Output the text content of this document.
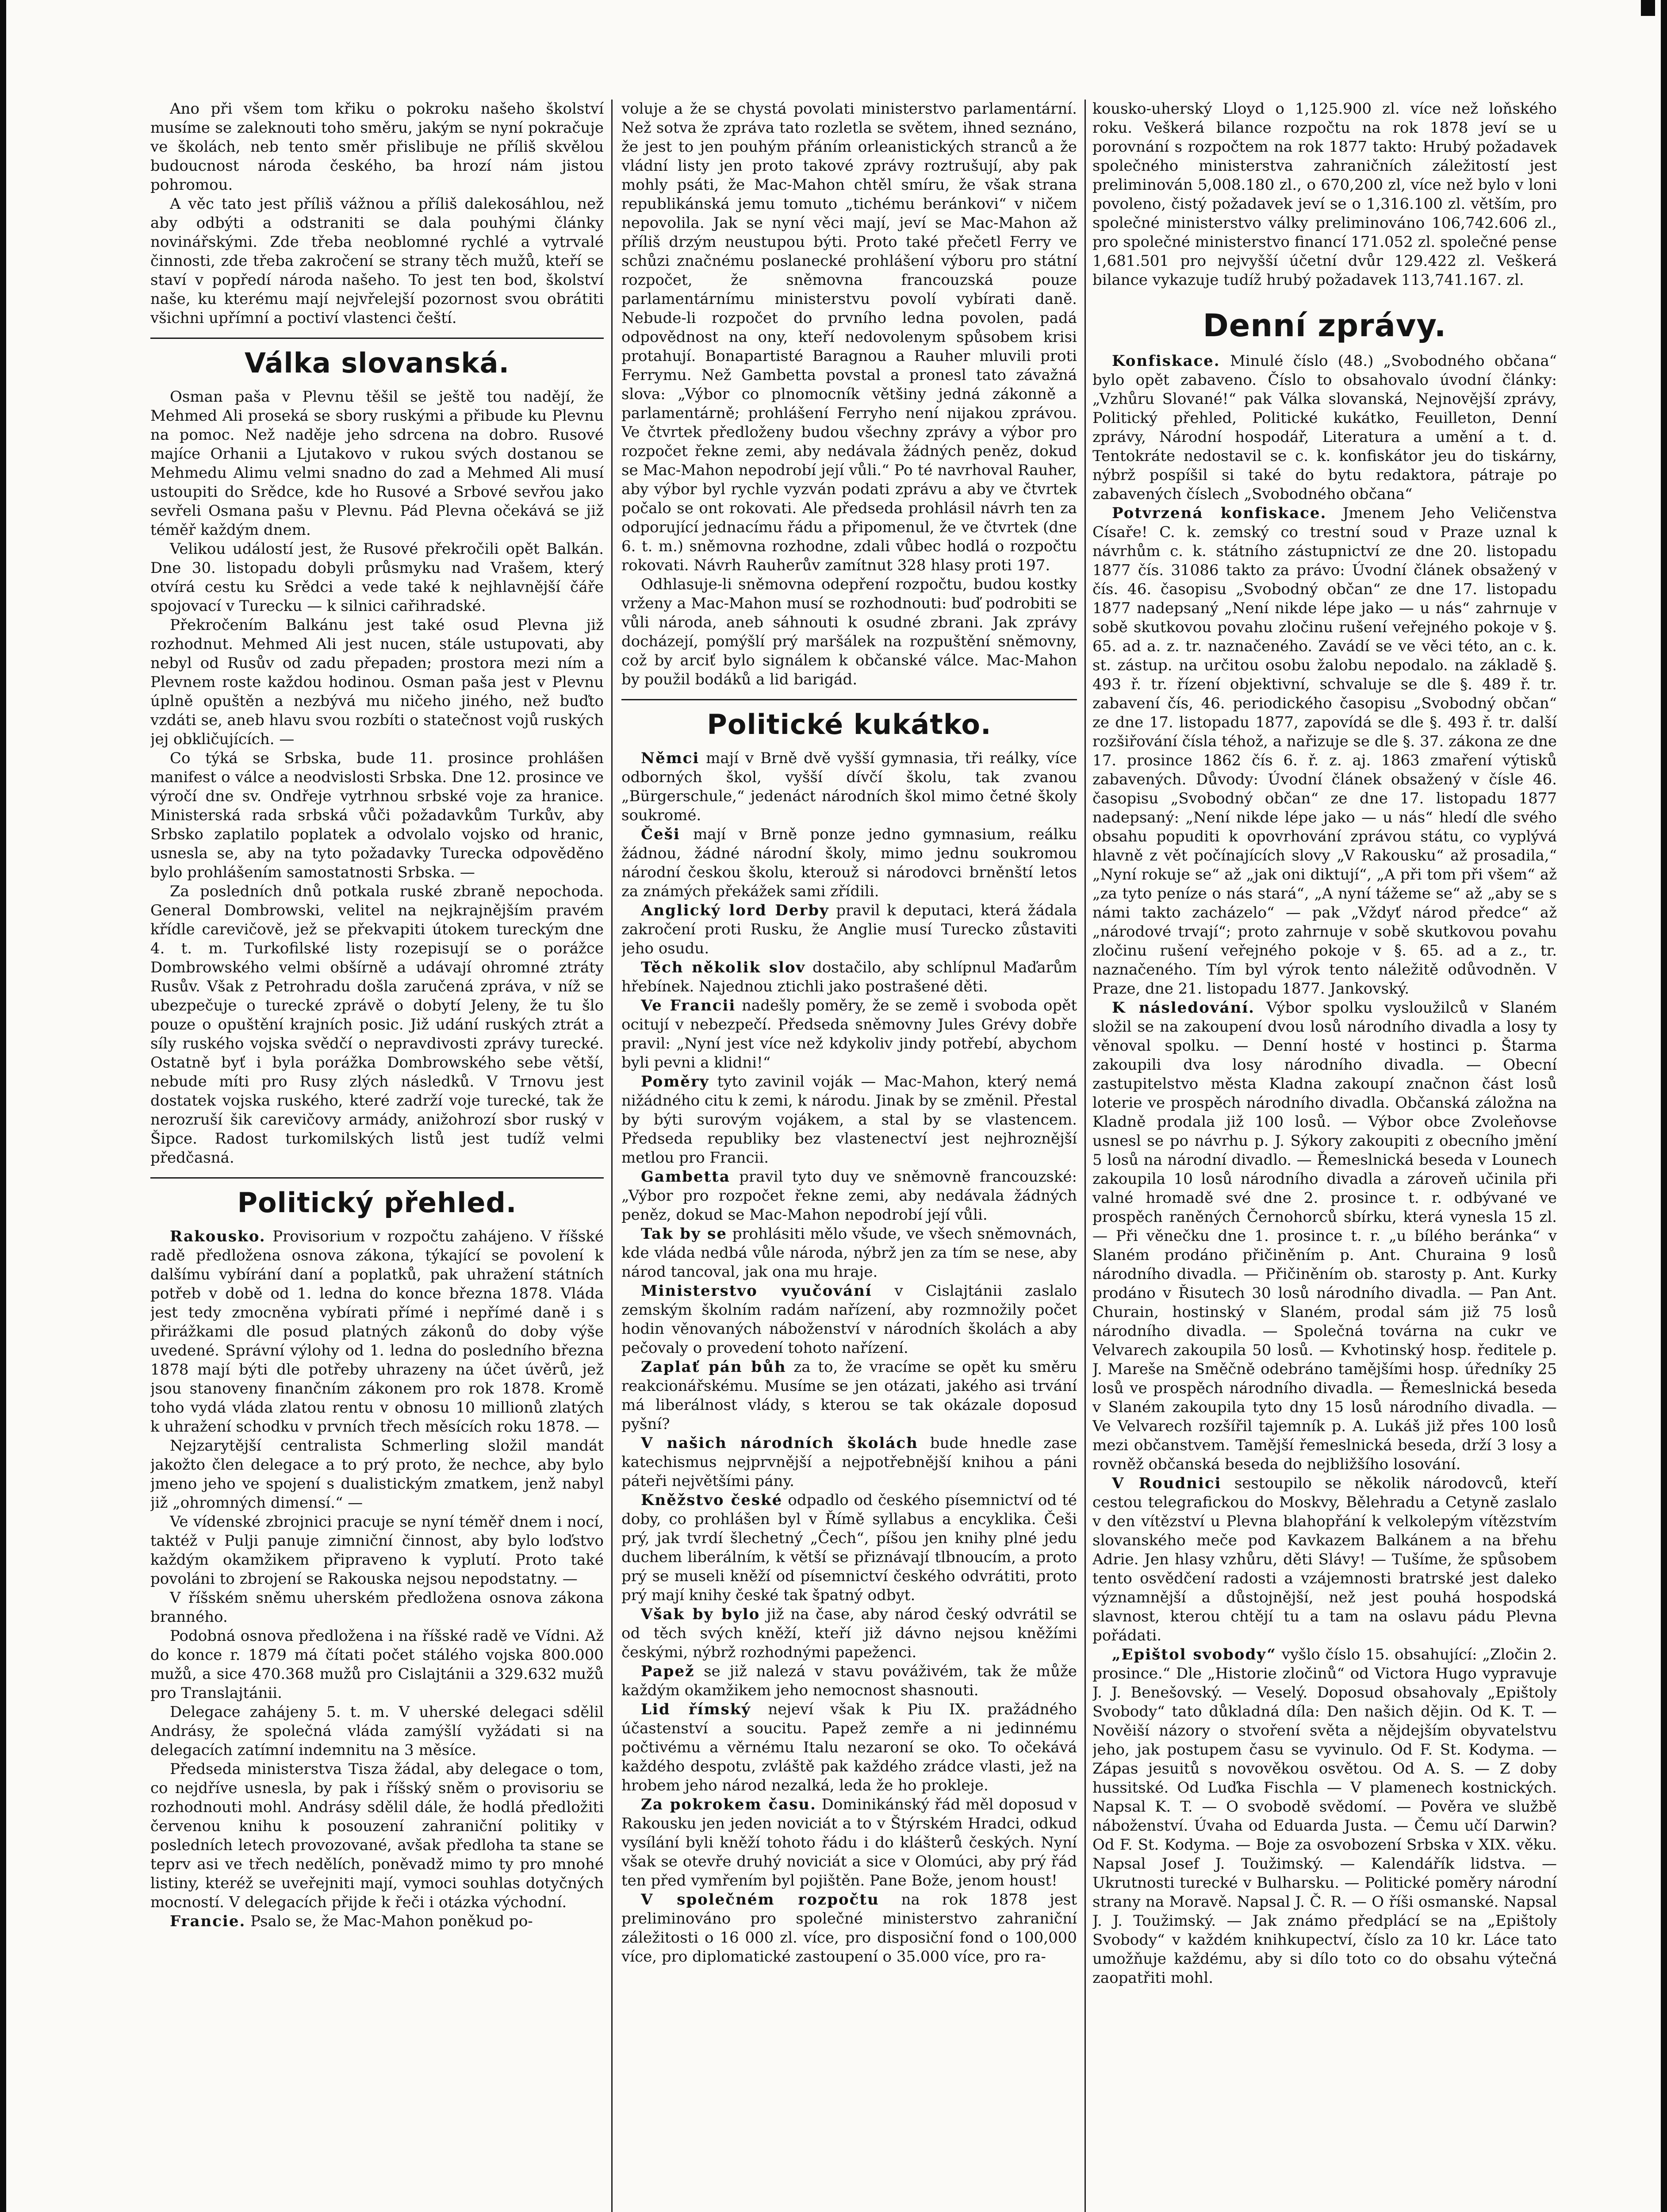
Ano při všem tom křiku o pokroku našeho školství musíme se zaleknouti toho směru, jakým se nyní pokračuje ve školách, neb tento směr přislibuje ne příliš skvělou budoucnost národa českého, ba hrozí nám jistou pohromou.

A věc tato jest příliš vážnou a příliš dalekosáhlou, než aby odbýti a odstraniti se dala pouhými články novinářskými. Zde třeba neoblomné rychlé a vytrvalé činnosti, zde třeba zakročení se strany těch mužů, kteří se staví v popředí národa našeho. To jest ten bod, školství naše, ku kterému mají nejvřelejší pozornost svou obrátiti všichni upřímní a poctiví vlastenci čeští.

Válka slovanská.

Osman paša v Plevnu těšil se ještě tou nadějí, že Mehmed Ali proseká se sbory ruskými a přibude ku Plevnu na pomoc. Než naděje jeho sdrcena na dobro. Rusové majíce Orhanii a Ljutakovo v rukou svých dostanou se Mehmedu Alimu velmi snadno do zad a Mehmed Ali musí ustoupiti do Srědce, kde ho Rusové a Srbové sevřou jako sevřeli Osmana pašu v Plevnu. Pád Plevna očekává se již téměř každým dnem.

Velikou událostí jest, že Rusové překročili opět Balkán. Dne 30. listopadu dobyli průsmyku nad Vrašem, který otvírá cestu ku Srědci a vede také k nejhlavnější čáře spojovací v Turecku — k silnici cařihradské.

Překročením Balkánu jest také osud Plevna již rozhodnut. Mehmed Ali jest nucen, stále ustupovati, aby nebyl od Rusův od zadu přepaden; prostora mezi ním a Plevnem roste každou hodinou. Osman paša jest v Plevnu úplně opuštěn a nezbývá mu ničeho jiného, než buďto vzdáti se, aneb hlavu svou rozbíti o statečnost vojů ruských jej obkličujících. —

Co týká se Srbska, bude 11. prosince prohlášen manifest o válce a neodvislosti Srbska. Dne 12. prosince ve výročí dne sv. Ondřeje vytrhnou srbské voje za hranice. Ministerská rada srbská vůči požadavkům Turkův, aby Srbsko zaplatilo poplatek a odvolalo vojsko od hranic, usnesla se, aby na tyto požadavky Turecka odpověděno bylo prohlášením samostatnosti Srbska. —

Za posledních dnů potkala ruské zbraně nepochoda. General Dombrowski, velitel na nejkrajnějším pravém křídle carevičově, jež se překvapiti útokem tureckým dne 4. t. m. Turkofilské listy rozepisují se o porážce Dombrowského velmi obšírně a udávají ohromné ztráty Rusův. Však z Petrohradu došla zaručená zpráva, v níž se ubezpečuje o turecké zprávě o dobytí Jeleny, že tu šlo pouze o opuštění krajních posic. Již udání ruských ztrát a síly ruského vojska svědčí o nepravdivosti zprávy turecké. Ostatně byť i byla porážka Dombrowského sebe větší, nebude míti pro Rusy zlých následků. V Trnovu jest dostatek vojska ruského, které zadrží voje turecké, tak že nerozruší šik carevičovy armády, anižohrozí sbor ruský v Šipce. Radost turkomilských listů jest tudíž velmi předčasná.

Politický přehled.

Rakousko. Provisorium v rozpočtu zahájeno. V říšské radě předložena osnova zákona, týkající se povolení k dalšímu vybírání daní a poplatků, pak uhražení státních potřeb v době od 1. ledna do konce března 1878. Vláda jest tedy zmocněna vybírati přímé i nepřímé daně i s přirážkami dle posud platných zákonů do doby výše uvedené. Správní výlohy od 1. ledna do posledního března 1878 mají býti dle potřeby uhrazeny na účet úvěrů, jež jsou stanoveny finančním zákonem pro rok 1878. Kromě toho vydá vláda zlatou rentu v obnosu 10 millionů zlatých k uhražení schodku v prvních třech měsících roku 1878. —

Nejzarytější centralista Schmerling složil mandát jakožto člen delegace a to prý proto, že nechce, aby bylo jmeno jeho ve spojení s dualistickým zmatkem, jenž nabyl již „ohromných dimensí.“ —

Ve vídenské zbrojnici pracuje se nyní téměř dnem i nocí, taktéž v Pulji panuje zimniční činnost, aby bylo loďstvo každým okamžikem připraveno k vyplutí. Proto také povoláni to zbrojení se Rakouska nejsou nepodstatny. —

V říšském sněmu uherském předložena osnova zákona branného.

Podobná osnova předložena i na říšské radě ve Vídni. Až do konce r. 1879 má čítati počet stálého vojska 800.000 mužů, a sice 470.368 mužů pro Cislajtánii a 329.632 mužů pro Translajtánii.

Delegace zahájeny 5. t. m. V uherské delegaci sdělil Andrásy, že společná vláda zamýšlí vyžádati si na delegacích zatímní indemnitu na 3 měsíce.

Předseda ministerstva Tisza žádal, aby delegace o tom, co nejdříve usnesla, by pak i říšský sněm o provisoriu se rozhodnouti mohl. Andrásy sdělil dále, že hodlá předložiti červenou knihu k posouzení zahraniční politiky v posledních letech provozované, avšak předloha ta stane se teprv asi ve třech nedělích, poněvadž mimo ty pro mnohé listiny, kteréž se uveřejniti mají, vymoci souhlas dotyčných mocností. V delegacích přijde k řeči i otázka východní.

Francie. Psalo se, že Mac-Mahon poněkud po-

voluje a že se chystá povolati ministerstvo parlamentární. Než sotva že zpráva tato rozletla se světem, ihned seznáno, že jest to jen pouhým přáním orleanistických stranců a že vládní listy jen proto takové zprávy roztrušují, aby pak mohly psáti, že Mac-Mahon chtěl smíru, že však strana republikánská jemu tomuto „tichému beránkovi“ v ničem nepovolila. Jak se nyní věci mají, jeví se Mac-Mahon až příliš drzým neustupou býti. Proto také přečetl Ferry ve schůzi značnému poslanecké prohlášení výboru pro státní rozpočet, že sněmovna francouzská pouze parlamentárnímu ministerstvu povolí vybírati daně. Nebude-li rozpočet do prvního ledna povolen, padá odpovědnost na ony, kteří nedovolenym spůsobem krisi protahují. Bonapartisté Baragnou a Rauher mluvili proti Ferrymu. Než Gambetta povstal a pronesl tato závažná slova: „Výbor co plnomocník většiny jedná zákonně a parlamentárně; prohlášení Ferryho není nijakou zprávou. Ve čtvrtek předloženy budou všechny zprávy a výbor pro rozpočet řekne zemi, aby nedávala žádných peněz, dokud se Mac-Mahon nepodrobí její vůli.“ Po té navrhoval Rauher, aby výbor byl rychle vyzván podati zprávu a aby ve čtvrtek počalo se ont rokovati. Ale předseda prohlásil návrh ten za odporující jednacímu řádu a připomenul, že ve čtvrtek (dne 6. t. m.) sněmovna rozhodne, zdali vůbec hodlá o rozpočtu rokovati. Návrh Rauherův zamítnut 328 hlasy proti 197.

Odhlasuje-li sněmovna odepření rozpočtu, budou kostky vrženy a Mac-Mahon musí se rozhodnouti: buď podrobiti se vůli národa, aneb sáhnouti k osudné zbrani. Jak zprávy docházejí, pomýšlí prý maršálek na rozpuštění sněmovny, což by arciť bylo signálem k občanské válce. Mac-Mahon by použil bodáků a lid barigád.

Politické kukátko.

Němci mají v Brně dvě vyšší gymnasia, tři reálky, více odborných škol, vyšší dívčí školu, tak zvanou „Bürgerschule,“ jedenáct národních škol mimo četné školy soukromé.

Češi mají v Brně ponze jedno gymnasium, reálku žádnou, žádné národní školy, mimo jednu soukromou národní českou školu, kterouž si národovci brněnští letos za známých překážek sami zřídili.

Anglický lord Derby pravil k deputaci, která žádala zakročení proti Rusku, že Anglie musí Turecko zůstaviti jeho osudu.

Těch několik slov dostačilo, aby schlípnul Maďarům hřebínek. Najednou ztichli jako postrašené děti.

Ve Francii nadešly poměry, že se země i svoboda opět ocitují v nebezpečí. Předseda sněmovny Jules Grévy dobře pravil: „Nyní jest více než kdykoliv jindy potřebí, abychom byli pevni a klidni!“

Poměry tyto zavinil voják — Mac-Mahon, který nemá nižádného citu k zemi, k národu. Jinak by se změnil. Přestal by býti surovým vojákem, a stal by se vlastencem. Předseda republiky bez vlastenectví jest nejhroznější metlou pro Francii.

Gambetta pravil tyto duy ve sněmovně francouzské: „Výbor pro rozpočet řekne zemi, aby nedávala žádných peněz, dokud se Mac-Mahon nepodrobí její vůli.

Tak by se prohlásiti mělo všude, ve všech sněmovnách, kde vláda nedbá vůle národa, nýbrž jen za tím se nese, aby národ tancoval, jak ona mu hraje.

Ministerstvo vyučování v Cislajtánii zaslalo zemským školním radám nařízení, aby rozmnožily počet hodin věnovaných náboženství v národních školách a aby pečovaly o provedení tohoto nařízení.

Zaplať pán bůh za to, že vracíme se opět ku směru reakcionářskému. Musíme se jen otázati, jakého asi trvání má liberálnost vlády, s kterou se tak okázale doposud pyšní?

V našich národních školách bude hnedle zase katechismus nejprvnější a nejpotřebnější knihou a páni páteři největšími pány.

Kněžstvo české odpadlo od českého písemnictví od té doby, co prohlášen byl v Římě syllabus a encyklika. Češi prý, jak tvrdí šlechetný „Čech“, píšou jen knihy plné jedu duchem liberálním, k větší se přiznávají tlbnoucím, a proto prý se museli kněží od písemnictví českého odvrátiti, proto prý mají knihy české tak špatný odbyt.

Však by bylo již na čase, aby národ český odvrátil se od těch svých kněží, kteří již dávno nejsou kněžími českými, nýbrž rozhodnými papeženci.

Papež se již nalezá v stavu pováživém, tak že může každým okamžikem jeho nemocnost shasnouti.

Lid římský nejeví však k Piu IX. pražádného účastenství a soucitu. Papež zemře a ni jedinnému počtivému a věrnému Italu nezaroní se oko. To očekává každého despotu, zvláště pak každého zrádce vlasti, jež na hrobem jeho národ nezalká, leda že ho proklejе.

Za pokrokem času. Dominikánský řád měl doposud v Rakousku jen jeden noviciát a to v Štýrském Hradci, odkud vysílání byli kněží tohoto řádu i do klášterů českých. Nyní však se otevře druhý noviciát a sice v Olomúci, aby prý řád ten před vymřením byl pojištěn. Pane Bože, jenom houst!

V společném rozpočtu na rok 1878 jest preliminováno pro společné ministerstvo zahraniční záležitosti o 16 000 zl. více, pro disposiční fond o 100,000 více, pro diplomatické zastoupení o 35.000 více, pro ra-

kousko-uherský Lloyd o 1,125.900 zl. více než loňského roku. Veškerá bilance rozpočtu na rok 1878 jeví se u porovnání s rozpočtem na rok 1877 takto: Hrubý požadavek společného ministerstva zahraničních záležitostí jest preliminován 5,008.180 zl., o 670,200 zl, více než bylo v loni povoleno, čistý požadavek jeví se o 1,316.100 zl. větším, pro společné ministerstvo války preliminováno 106,742.606 zl., pro společné ministerstvo financí 171.052 zl. společné pense 1,681.501 pro nejvyšší účetní dvůr 129.422 zl. Veškerá bilance vykazuje tudíž hrubý požadavek 113,741.167. zl.

Denní zprávy.

Konfiskace. Minulé číslo (48.) „Svobodného občana“ bylo opět zabaveno. Číslo to obsahovalo úvodní články: „Vzhůru Slované!“ pak Válka slovanská, Nejnovější zprávy, Politický přehled, Politické kukátko, Feuilleton, Denní zprávy, Národní hospodář, Literatura a umění a t. d. Tentokráte nedostavil se c. k. konfiskátor jeu do tiskárny, nýbrž pospíšil si také do bytu redaktora, pátraje po zabavených číslech „Svobodného občana“

Potvrzená konfiskace. Jmenem Jeho Veličenstva Císaře! C. k. zemský co trestní soud v Praze uznal k návrhům c. k. státního zástupnictví ze dne 20. listopadu 1877 čís. 31086 takto za právo: Úvodní článek obsažený v čís. 46. časopisu „Svobodný občan“ ze dne 17. listopadu 1877 nadepsaný „Není nikde lépe jako — u nás“ zahrnuje v sobě skutkovou povahu zločinu rušení veřejného pokoje v §. 65. ad a. z. tr. naznačeného. Zavádí se ve věci této, an c. k. st. zástup. na určitou osobu žalobu nepodalo. na základě §. 493 ř. tr. řízení objektivní, schvaluje se dle §. 489 ř. tr. zabavení čís, 46. periodického časopisu „Svobodný občan“ ze dne 17. listopadu 1877, zapovídá se dle §. 493 ř. tr. další rozšiřování čísla téhož, a nařizuje se dle §. 37. zákona ze dne 17. prosince 1862 čís 6. ř. z. aj. 1863 zmaření výtisků zabavených. Důvody: Úvodní článek obsažený v čísle 46. časopisu „Svobodný občan“ ze dne 17. listopadu 1877 nadepsaný: „Není nikde lépe jako — u nás“ hledí dle svého obsahu popuditi k opovrhování zprávou státu, co vyplývá hlavně z vět počínajících slovy „V Rakousku“ až prosadila,“ „Nyní rokuje se“ až „jak oni diktují“, „A při tom při všem“ až „za tyto peníze o nás stará“, „A nyní tážeme se“ až „aby se s námi takto zacházelo“ — pak „Vždyť národ předce“ až „národové trvají“; proto zahrnuje v sobě skutkovou povahu zločinu rušení veřejného pokoje v §. 65. ad a z., tr. naznačeného. Tím byl výrok tento náležitě odůvodněn. V Praze, dne 21. listopadu 1877. Jankovský.

K následování. Výbor spolku vysloužilců v Slaném složil se na zakoupení dvou losů národního divadla a losy ty věnoval spolku. — Denní hosté v hostinci p. Štarma zakoupili dva losy národního divadla. — Obecní zastupitelstvo města Kladna zakoupí značnon část losů loterie ve prospěch národního divadla. Občanská záložna na Kladně prodala již 100 losů. — Výbor obce Zvoleňovse usnesl se po návrhu p. J. Sýkory zakoupiti z obecního jmění 5 losů na národní divadlo. — Řemeslnická beseda v Lounech zakoupila 10 losů národního divadla a zároveň učinila při valné hromadě své dne 2. prosince t. r. odbývané ve prospěch raněných Černohorců sbírku, která vynesla 15 zl. — Při věnečku dne 1. prosince t. r. „u bílého beránka“ v Slaném prodáno přičiněním p. Ant. Churaina 9 losů národního divadla. — Přičiněním ob. starosty p. Ant. Kurky prodáno v Řisutech 30 losů národního divadla. — Pan Ant. Churain, hostinský v Slaném, prodal sám již 75 losů národního divadla. — Společná továrna na cukr ve Velvarech zakoupila 50 losů. — Kvhotinský hosp. ředitele p. J. Mareše na Směčně odebráno tamějšími hosp. úředníky 25 losů ve prospěch národního divadla. — Řemeslnická beseda v Slaném zakoupila tyto dny 15 losů národního divadla. — Ve Velvarech rozšířil tajemník p. A. Lukáš již přes 100 losů mezi občanstvem. Tamější řemeslnická beseda, drží 3 losy a rovněž občanská beseda do nejbližšího losování.

V Roudnici sestoupilo se několik národovců, kteří cestou telegrafickou do Moskvy, Bělehradu a Cetyně zaslalo v den vítězství u Plevna blahopřání k velkolepým vítězstvím slovanského meče pod Kavkazem Balkánem a na břehu Adrie. Jen hlasy vzhůru, děti Slávy! — Tušíme, že spůsobem tento osvědčení radosti a vzájemnosti bratrské jest daleko významnější a důstojnější, než jest pouhá hospodská slavnost, kterou chtějí tu a tam na oslavu pádu Plevna pořádati.

„Epištol svobody“ vyšlo číslo 15. obsahující: „Zločin 2. prosince.“ Dle „Historie zločinů“ od Victora Hugo vypravuje J. J. Benešovský. — Veselý. Doposud obsahovaly „Epištoly Svobody“ tato důkladná díla: Den našich dějin. Od K. T. — Nověiší názory o stvoření světa a nějdejším obyvatelstvu jeho, jak postupem času se vyvinulo. Od F. St. Kodyma. — Zápas jesuitů s novověkou osvětou. Od A. S. — Z doby hussitské. Od Luďka Fischla — V plamenech kostnických. Napsal K. T. — O svobodě svědomí. — Pověra ve službě náboženství. Úvaha od Eduarda Justa. — Čemu učí Darwin? Od F. St. Kodyma. — Boje za osvobození Srbska v XIX. věku. Napsal Josef J. Toužimský. — Kalendářík lidstva. — Ukrutnosti turecké v Bulharsku. — Politické poměry národní strany na Moravě. Napsal J. Č. R. — O říši osmanské. Napsal J. J. Toužimský. — Jak známo předplácí se na „Epištoly Svobody“ v každém knihkupectví, číslo za 10 kr. Láce tato umožňuje každému, aby si dílo toto co do obsahu výtečná zaopatřiti mohl.
